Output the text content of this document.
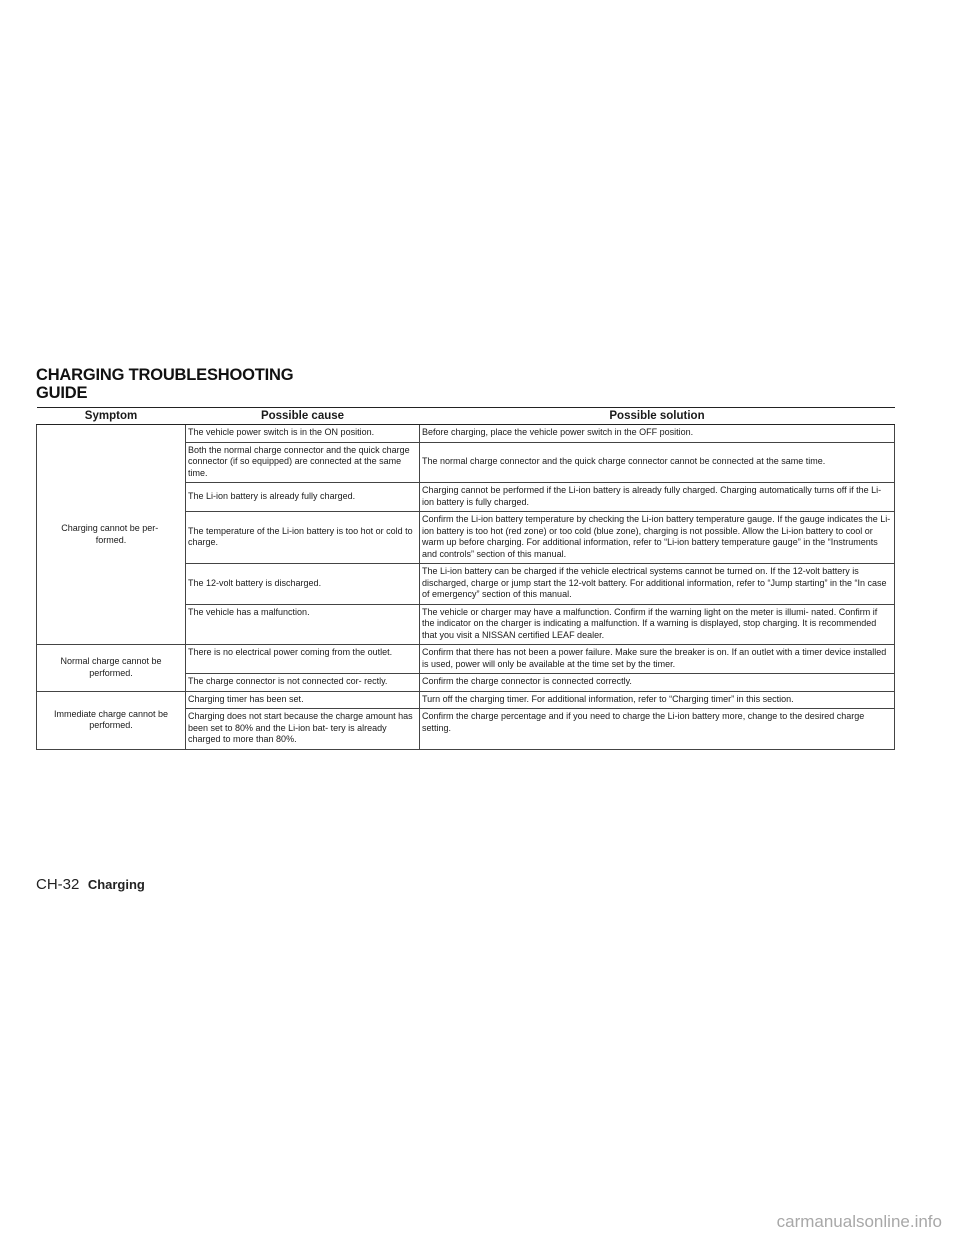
CHARGING TROUBLESHOOTING
GUIDE
Symptom	Possible cause	Possible solution
Charging cannot be per-  formed.	The vehicle power switch is in the ON position.	Before charging, place the vehicle power switch in the OFF position.
	Both the normal charge connector and the quick charge connector (if so equipped) are connected at the same time.	The normal charge connector and the quick charge connector cannot be connected at the same time.
	The Li-ion battery is already fully charged.	Charging cannot be performed if the Li-ion battery is already fully charged. Charging automatically turns off if the Li-ion battery is fully charged.
	The temperature of the Li-ion battery is too hot or cold to charge.	Confirm the Li-ion battery temperature by checking the Li-ion battery temperature gauge. If the gauge indicates the Li-ion battery is too hot (red zone) or too cold (blue zone), charging is not possible. Allow the Li-ion battery to cool or warm up before charging. For additional information, refer to “Li-ion battery temperature gauge” in the “Instruments and controls” section of this manual.
	The 12-volt battery is discharged.	The Li-ion battery can be charged if the vehicle electrical systems cannot be turned on. If the 12-volt battery is discharged, charge or jump start the 12-volt battery. For additional information, refer to “Jump starting” in the “In case of emergency” section of this manual.
	The vehicle has a malfunction.	The vehicle or charger may have a malfunction. Confirm if the warning light on the meter is illumi- nated. Confirm if the indicator on the charger is indicating a malfunction. If a warning is displayed, stop charging. It is recommended that you visit a NISSAN certified LEAF dealer.
Normal charge cannot be performed.	There is no electrical power coming from the outlet.	Confirm that there has not been a power failure. Make sure the breaker is on. If an outlet with a timer device installed is used, power will only be available at the time set by the timer.
	The charge connector is not connected cor- rectly.	Confirm the charge connector is connected correctly.
Immediate charge cannot be performed.	Charging timer has been set.	Turn off the charging timer. For additional information, refer to “Charging timer” in this section.
	Charging does not start because the charge amount has been set to 80% and the Li-ion bat- tery is already charged to more than 80%.	Confirm the charge percentage and if you need to charge the Li-ion battery more, change to the desired charge setting.
CH-32 Charging
carmanualsonline.info
